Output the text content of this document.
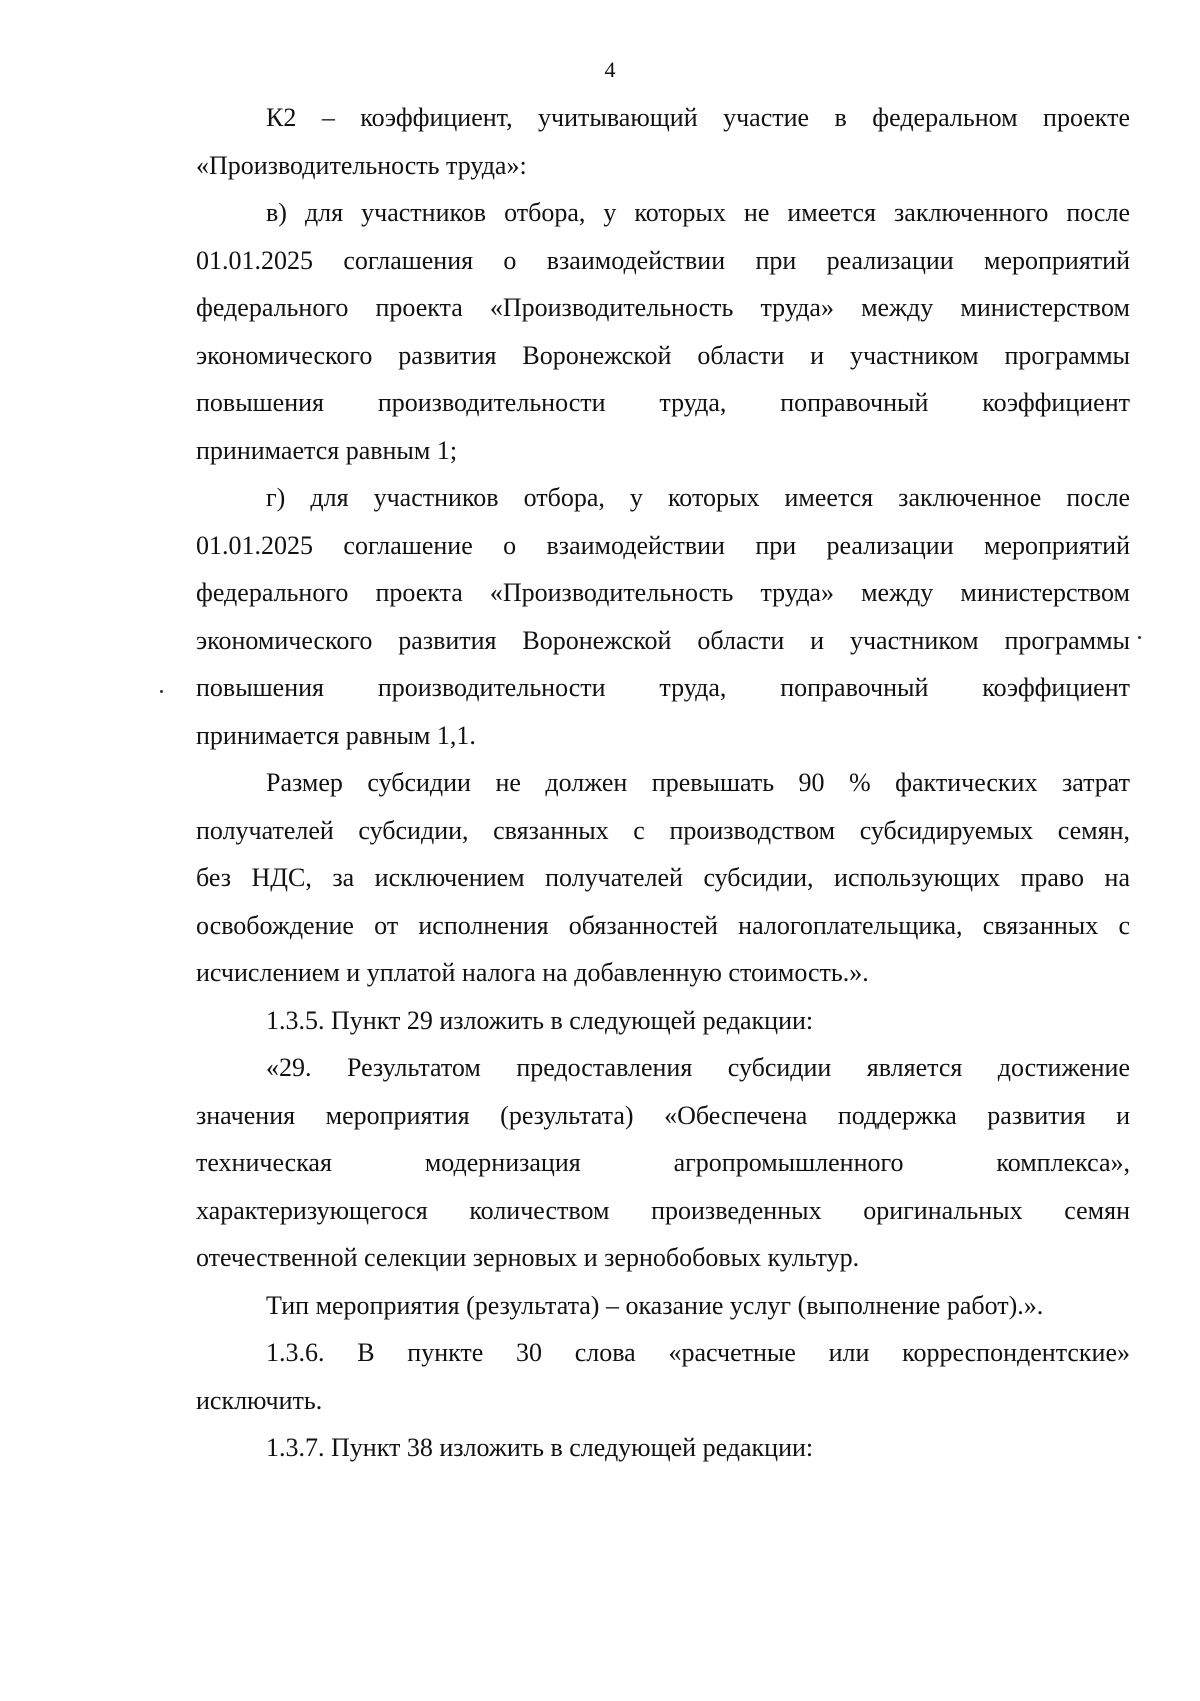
4

К2 – коэффициент, учитывающий участие в федеральном проекте
«Производительность труда»:

в) для участников отбора, у которых не имеется заключенного после
01.01.2025 соглашения о взаимодействии при реализации мероприятий
федерального проекта «Производительность труда» между министерством
экономического развития Воронежской области и участником программы
повышения производительности труда, поправочный коэффициент
принимается равным 1;

г) для участников отбора, у которых имеется заключенное после
01.01.2025 соглашение о взаимодействии при реализации мероприятий
федерального проекта «Производительность труда» между министерством
экономического развития Воронежской области и участником программы
повышения производительности труда, поправочный коэффициент
принимается равным 1,1.

Размер субсидии не должен превышать 90 % фактических затрат
получателей субсидии, связанных с производством субсидируемых семян,
без НДС, за исключением получателей субсидии, использующих право на
освобождение от исполнения обязанностей налогоплательщика, связанных с
исчислением и уплатой налога на добавленную стоимость.».

1.3.5. Пункт 29 изложить в следующей редакции:

«29. Результатом предоставления субсидии является достижение
значения мероприятия (результата) «Обеспечена поддержка развития и
техническая модернизация агропромышленного комплекса»,
характеризующегося количеством произведенных оригинальных семян
отечественной селекции зерновых и зернобобовых культур.

Тип мероприятия (результата) – оказание услуг (выполнение работ).».

1.3.6. В пункте 30 слова «расчетные или корреспондентские»
исключить.

1.3.7. Пункт 38 изложить в следующей редакции:
